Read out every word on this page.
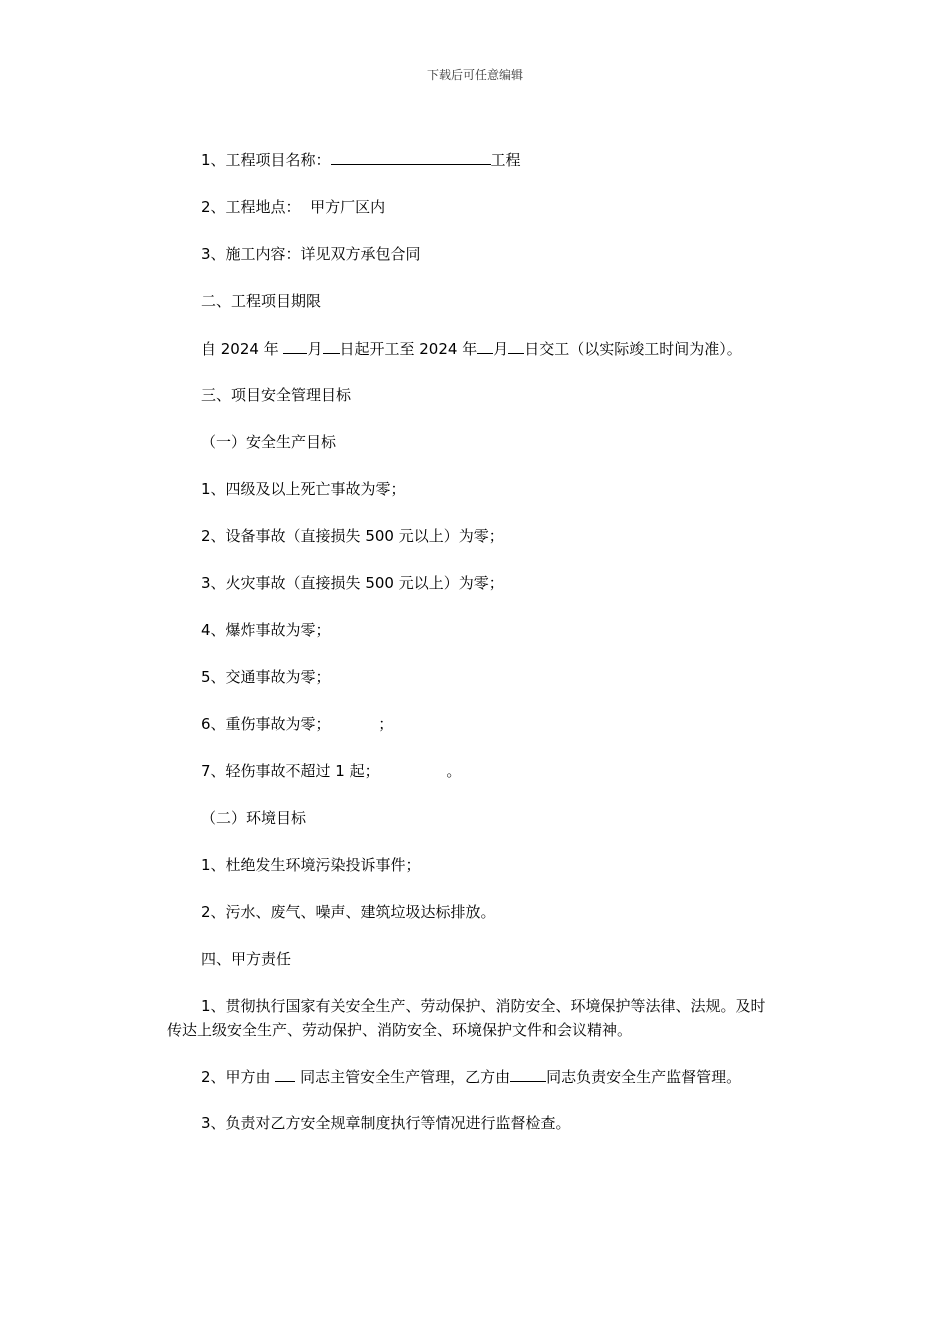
下载后可任意编辑

1、工程项目名称：	工程

2、工程地点：  甲方厂区内

3、施工内容：详见双方承包合同

二、工程项目期限

自 2024 年 月 日起开工至 2024 年 月 日交工（以实际竣工时间为准）。

三、项目安全管理目标

（一）安全生产目标

1、四级及以上死亡事故为零；

2、设备事故（直接损失 500 元以上）为零；

3、火灾事故（直接损失 500 元以上）为零；

4、爆炸事故为零；

5、交通事故为零；

6、重伤事故为零；          ；

7、轻伤事故不超过 1 起；              。

（二）环境目标

1、杜绝发生环境污染投诉事件；

2、污水、废气、噪声、建筑垃圾达标排放。

四、甲方责任

1、贯彻执行国家有关安全生产、劳动保护、消防安全、环境保护等法律、法规。及时传达上级安全生产、劳动保护、消防安全、环境保护文件和会议精神。

2、甲方由  同志主管安全生产管理，乙方由 同志负责安全生产监督管理。

3、负责对乙方安全规章制度执行等情况进行监督检查。
